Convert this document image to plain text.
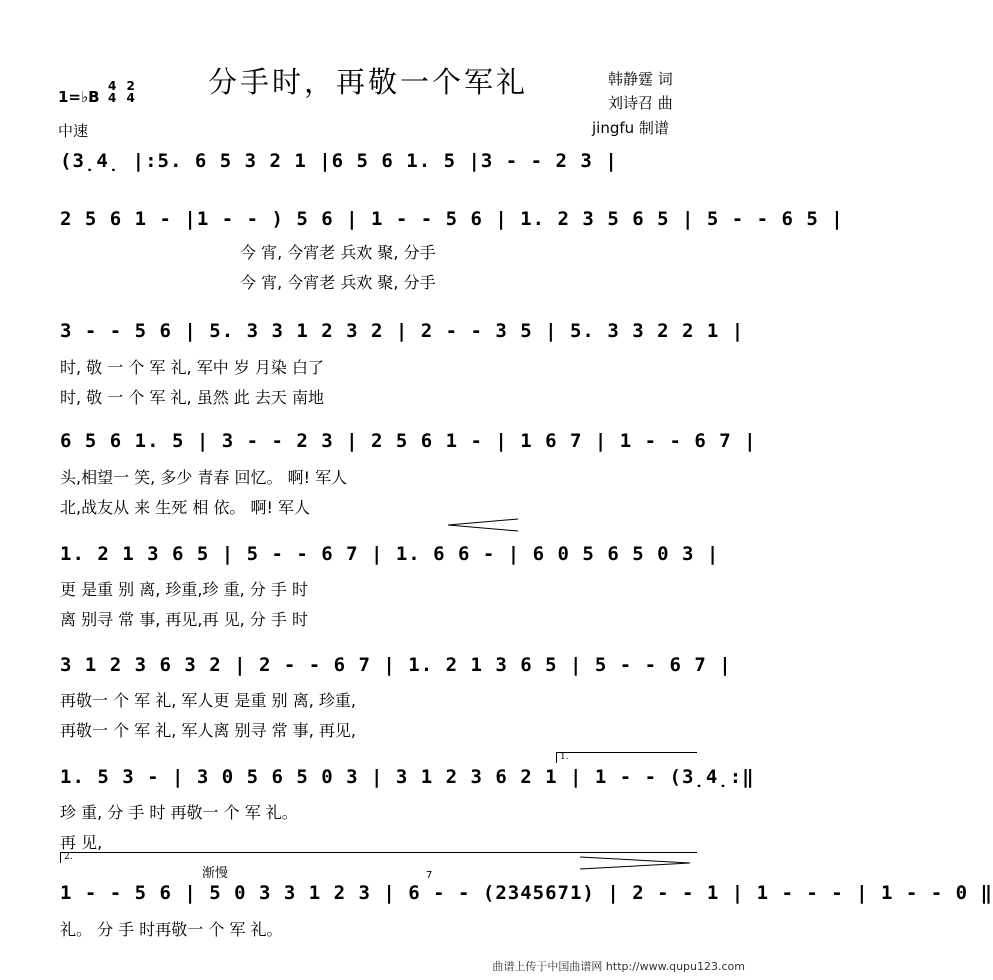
分手时，再敬一个军礼
1=♭B
4
4

2
4
中速
韩静霆 词
刘诗召 曲
jingfu 制谱
(3̣4̣ |:5. 6 5 3 2 1 |6 5 6 1. 5 |3 - - 2 3 |
2 5 6 1 - |1 - - ) 5 6 | 1 - - 5 6 | 1. 2 3 5 6 5 | 5 - - 6 5 |
今 宵, 今宵老 兵欢 聚, 分手
今 宵, 今宵老 兵欢 聚, 分手
3 - - 5 6 | 5. 3 3 1 2 3 2 | 2 - - 3 5 | 5. 3 3 2 2 1 |
时, 敬 一 个 军 礼, 军中 岁 月染 白了
时, 敬 一 个 军 礼, 虽然 此 去天 南地
6 5 6 1. 5 | 3 - - 2 3 | 2 5 6 1 - | 1 6 7 | 1 - - 6 7 |
头,相望一 笑, 多少 青春 回忆。 啊! 军人
北,战友从 来 生死 相 依。 啊! 军人
1. 2 1 3 6 5 | 5 - - 6 7 | 1. 6 6 - | 6 0 5 6 5 0 3 |
更 是重 别 离, 珍重,珍 重, 分 手 时
离 别寻 常 事, 再见,再 见, 分 手 时
3 1 2 3 6 3 2 | 2 - - 6 7 | 1. 2 1 3 6 5 | 5 - - 6 7 |
再敬一 个 军 礼, 军人更 是重 别 离, 珍重,
再敬一 个 军 礼, 军人离 别寻 常 事, 再见,
1.
1. 5 3 - | 3 0 5 6 5 0 3 | 3 1 2 3 6 2 1 | 1 - - (3̣4̣:‖
珍 重, 分 手 时 再敬一 个 军 礼。
再 见,
2.
渐慢	7
1 - - 5 6 | 5 0 3 3 1 2 3 | 6 - - (2345671) | 2 - - 1 | 1 - - - | 1 - - 0 ‖
礼。 分 手 时再敬一 个 军 礼。
曲谱上传于中国曲谱网 http://www.qupu123.com
